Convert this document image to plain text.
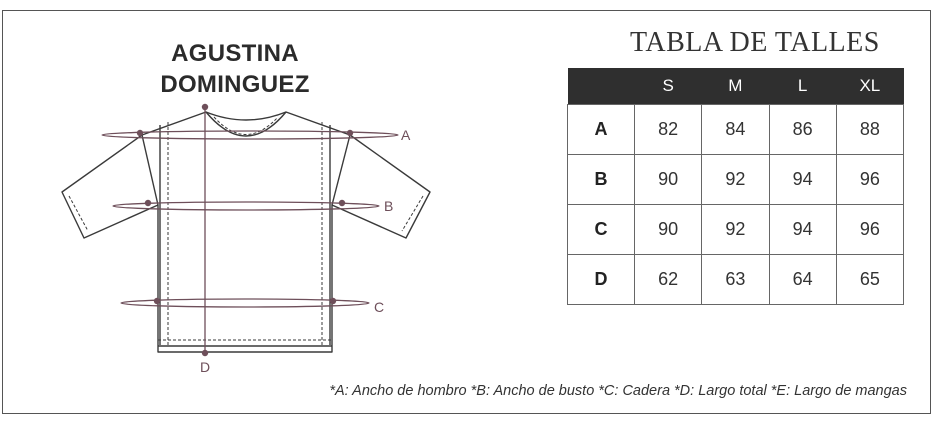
AGUSTINA
DOMINGUEZ
TABLA DE TALLES
	S	M	L	XL
A	82	84	86	88
B	90	92	94	96
C	90	92	94	96
D	62	63	64	65
A
B
C
D
*A: Ancho de hombro *B: Ancho de busto *C: Cadera *D: Largo total *E: Largo de mangas
